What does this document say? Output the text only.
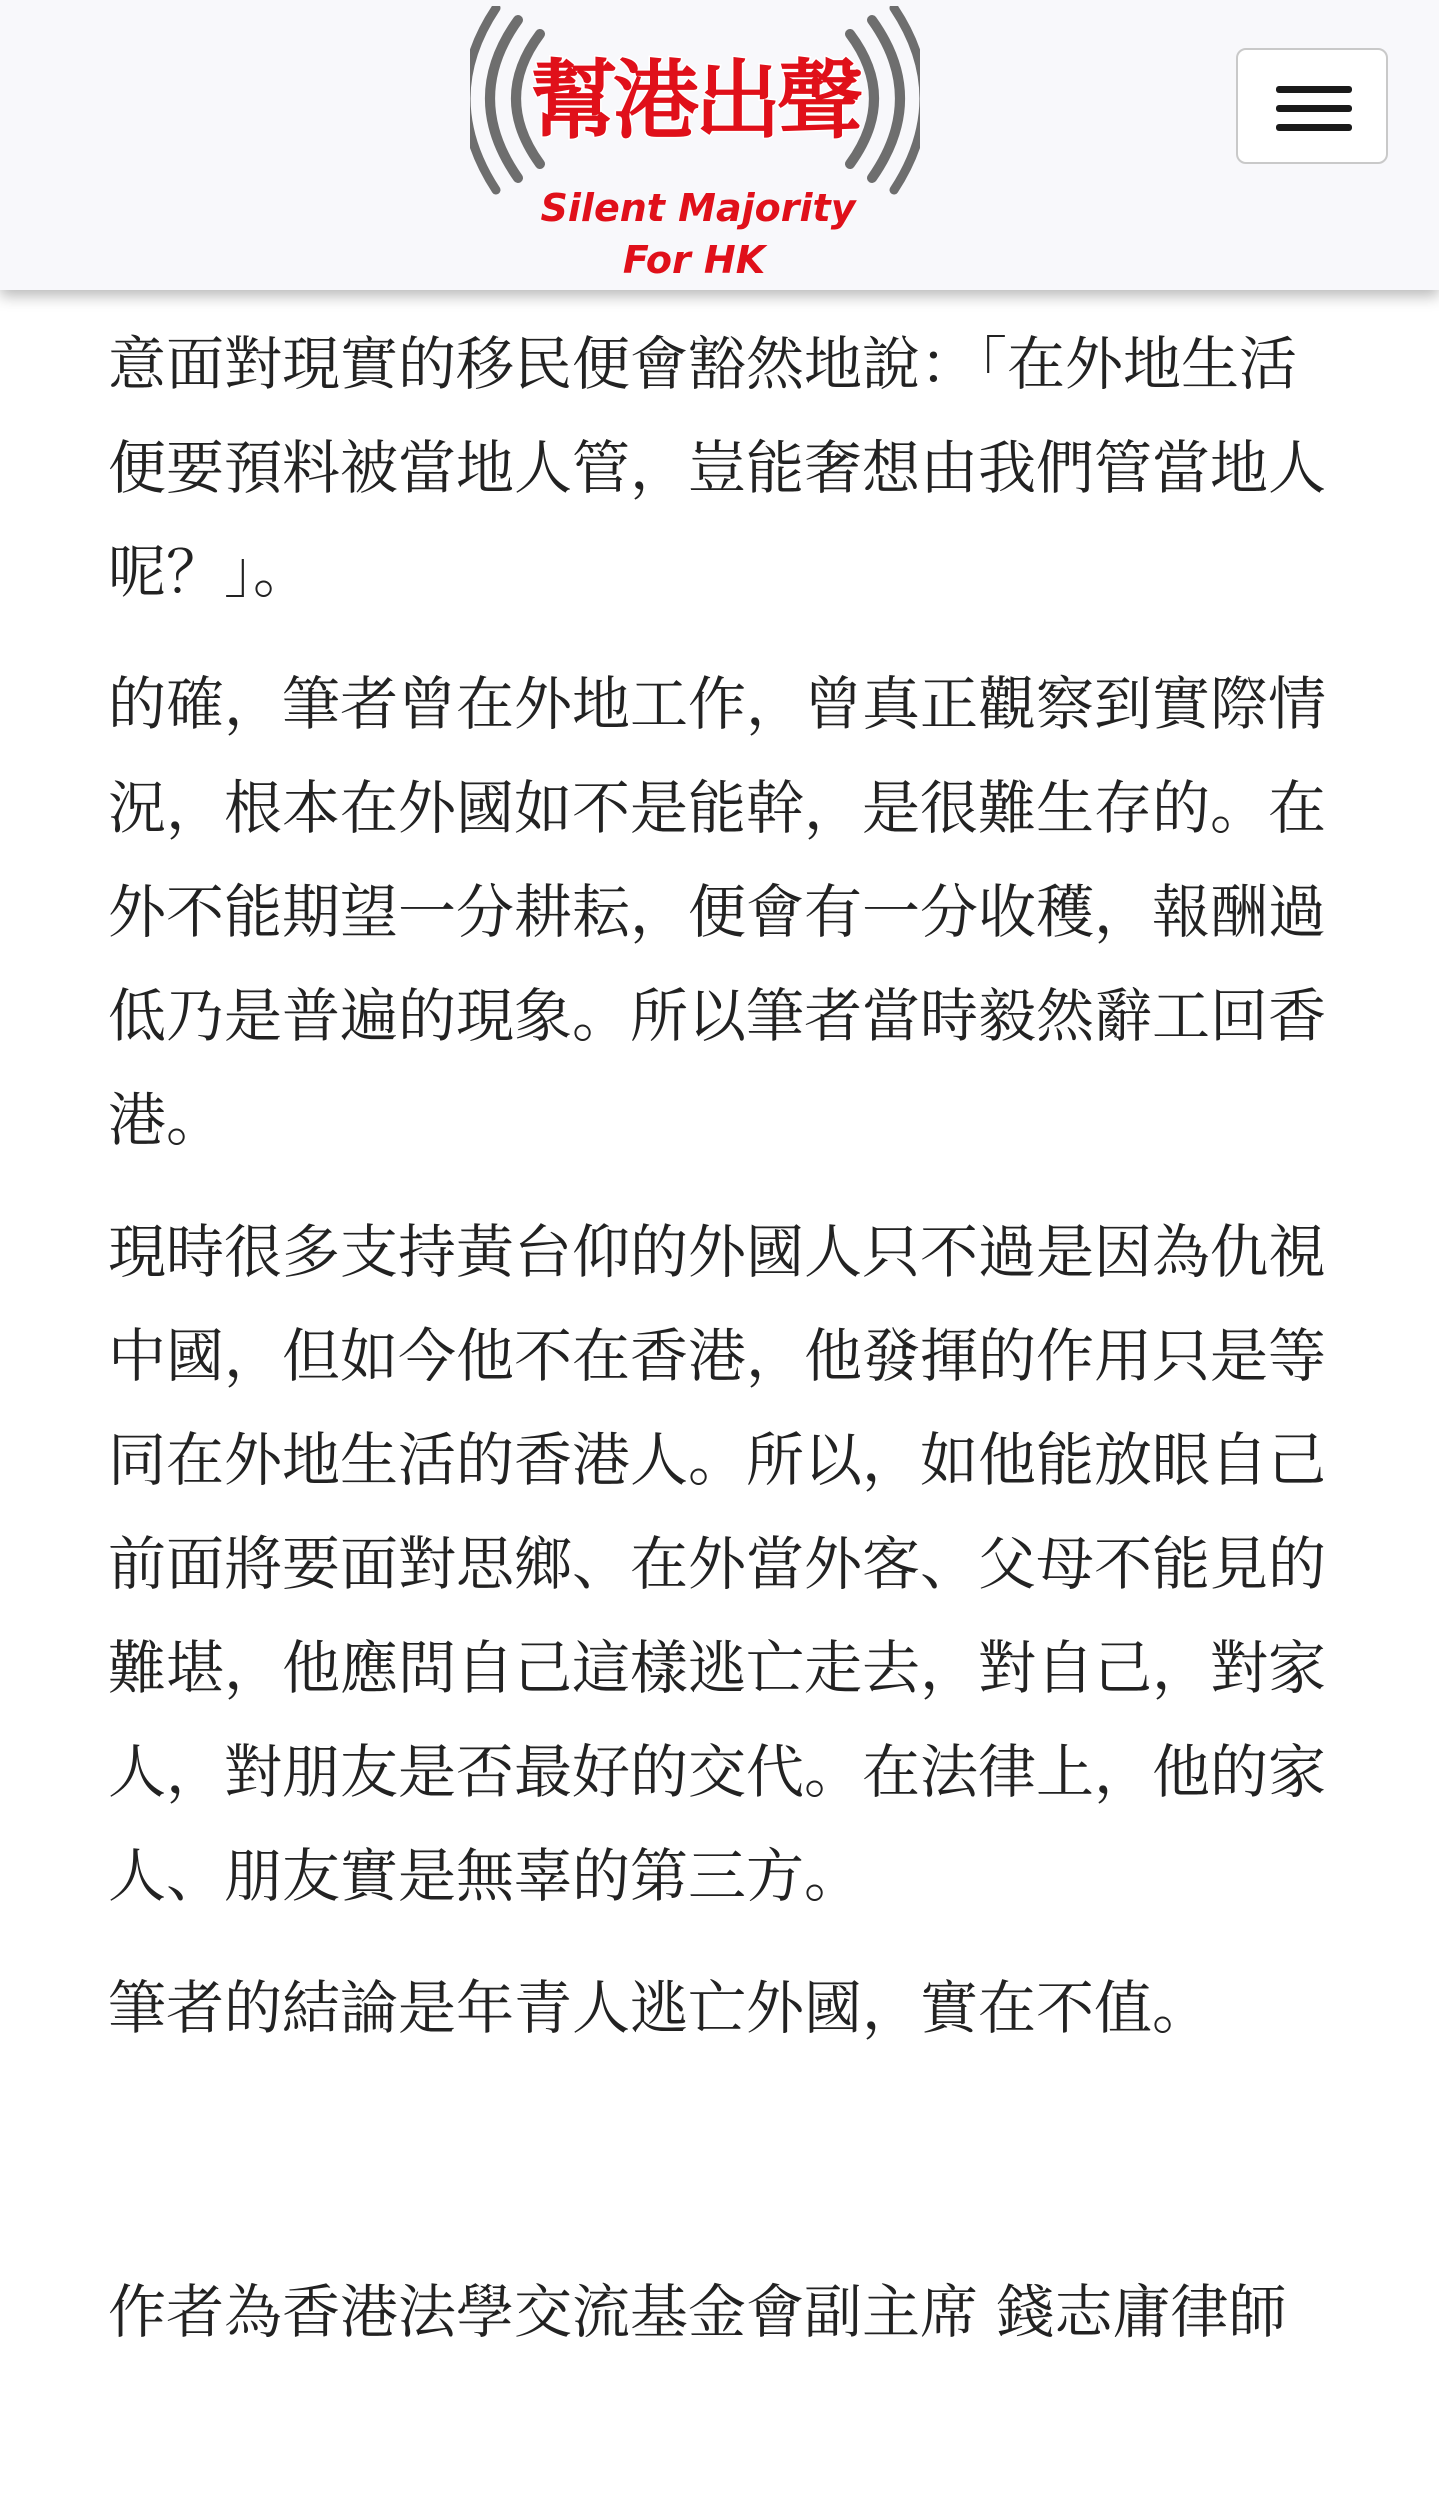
幫港出聲
Silent Majority
For HK

意面對現實的移民便會豁然地說：「在外地生活便要預料被當地人管，豈能奢想由我們管當地人呢？」。

的確，筆者曾在外地工作，曾真正觀察到實際情況，根本在外國如不是能幹，是很難生存的。在外不能期望一分耕耘，便會有一分收穫，報酬過低乃是普遍的現象。所以筆者當時毅然辭工回香港。

現時很多支持黃台仰的外國人只不過是因為仇視中國，但如今他不在香港，他發揮的作用只是等同在外地生活的香港人。所以，如他能放眼自己前面將要面對思鄉、在外當外客、父母不能見的難堪，他應問自己這樣逃亡走去，對自己，對家人，對朋友是否最好的交代。在法律上，他的家人、朋友實是無辜的第三方。

筆者的結論是年青人逃亡外國，實在不值。

作者為香港法學交流基金會副主席 錢志庸律師
